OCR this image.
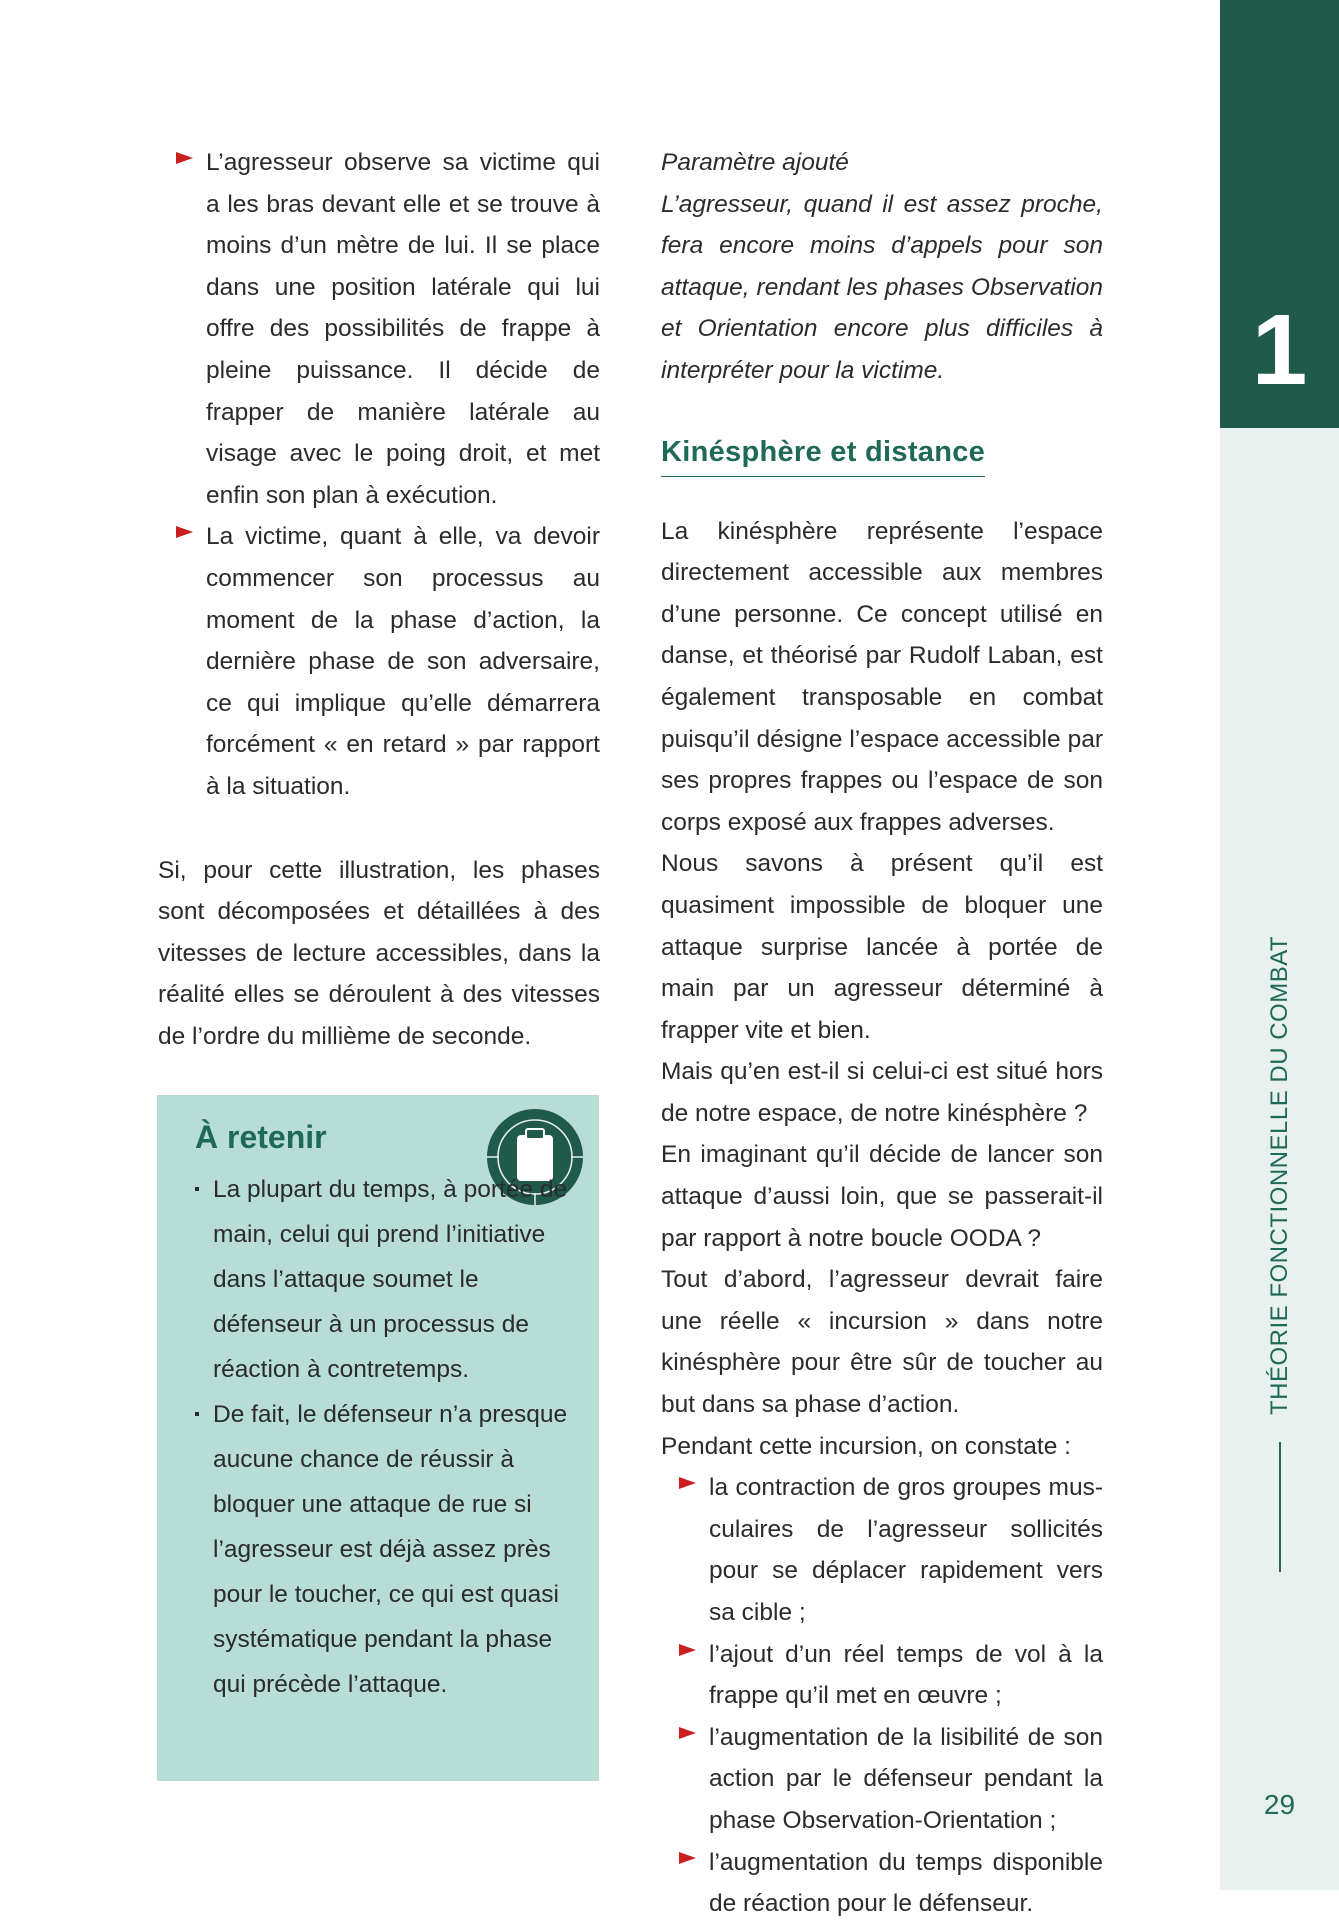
1
THÉORIE FONCTIONNELLE DU COMBAT
29
L’agresseur observe sa victime qui a les bras devant elle et se trouve à moins d’un mètre de lui. Il se place dans une position latérale qui lui offre des possibilités de frappe à pleine puissance. Il décide de frapper de manière latérale au visage avec le poing droit, et met enfin son plan à exécution.
La victime, quant à elle, va devoir commencer son processus au moment de la phase d’action, la dernière phase de son adversaire, ce qui implique qu’elle démarrera forcément « en retard » par rapport à la situation.

Si, pour cette illustration, les phases sont décomposées et détaillées à des vitesses de lecture accessibles, dans la réalité elles se déroulent à des vitesses de l’ordre du millième de seconde.

À retenir
La plupart du temps, à portée de main, celui qui prend l’initiative dans l’attaque soumet le défenseur à un processus de réaction à contretemps.
De fait, le défenseur n’a presque aucune chance de réussir à bloquer une attaque de rue si l’agresseur est déjà assez près pour le toucher, ce qui est quasi systématique pendant la phase qui précède l’attaque.

Paramètre ajouté

L’agresseur, quand il est assez proche, fera encore moins d’appels pour son attaque, rendant les phases Observation et Orientation encore plus difficiles à interpréter pour la victime.

Kinésphère et distance

La kinésphère représente l’espace directement accessible aux membres d’une personne. Ce concept utilisé en danse, et théorisé par Rudolf Laban, est également transposable en combat puisqu’il désigne l’espace accessible par ses propres frappes ou l’espace de son corps exposé aux frappes adverses.

Nous savons à présent qu’il est quasiment impossible de bloquer une attaque surprise lancée à portée de main par un agresseur déterminé à frapper vite et bien.

Mais qu’en est-il si celui-ci est situé hors de notre espace, de notre kinésphère ?

En imaginant qu’il décide de lancer son attaque d’aussi loin, que se passerait-il par rapport à notre boucle OODA ?

Tout d’abord, l’agresseur devrait faire une réelle « incursion » dans notre kinésphère pour être sûr de toucher au but dans sa phase d’action.

Pendant cette incursion, on constate :

la contraction de gros groupes musculaires de l’agresseur sollicités pour se déplacer rapidement vers sa cible ;
l’ajout d’un réel temps de vol à la frappe qu’il met en œuvre ;
l’augmentation de la lisibilité de son action par le défenseur pendant la phase Observation-Orientation ;
l’augmentation du temps disponible de réaction pour le défenseur.
